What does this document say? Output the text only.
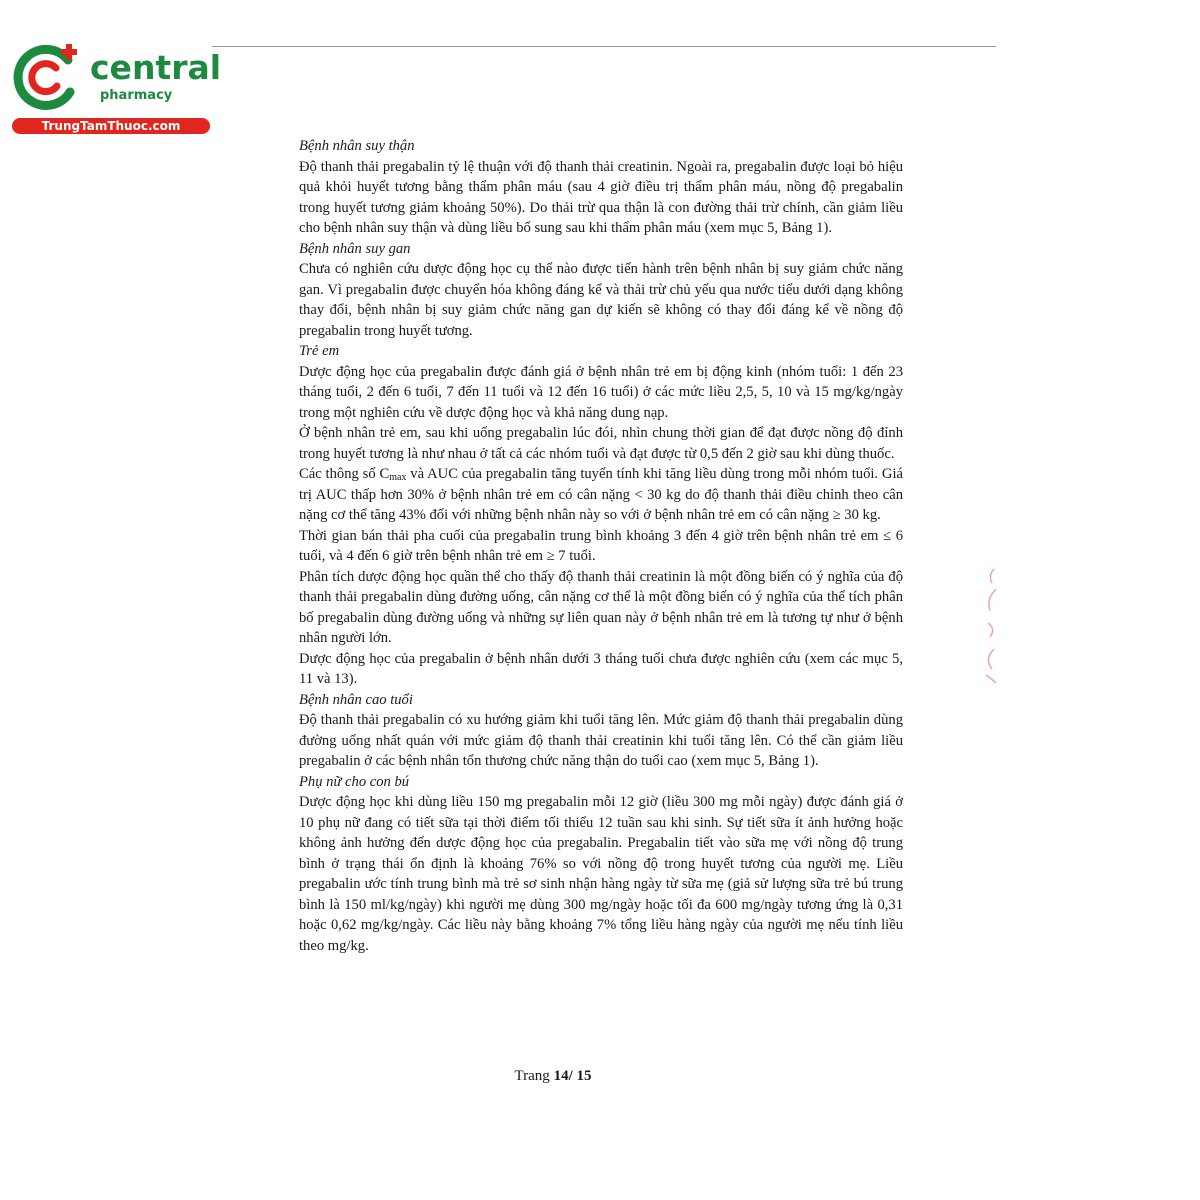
central
pharmacy
TrungTamThuoc.com

Bệnh nhân suy thận

Độ thanh thải pregabalin tỷ lệ thuận với độ thanh thải creatinin. Ngoài ra, pregabalin được loại bỏ hiệu quả khỏi huyết tương bằng thẩm phân máu (sau 4 giờ điều trị thẩm phân máu, nồng độ pregabalin trong huyết tương giảm khoảng 50%). Do thải trừ qua thận là con đường thải trừ chính, cần giảm liều cho bệnh nhân suy thận và dùng liều bổ sung sau khi thẩm phân máu (xem mục 5, Bảng 1).

Bệnh nhân suy gan

Chưa có nghiên cứu dược động học cụ thể nào được tiến hành trên bệnh nhân bị suy giảm chức năng gan. Vì pregabalin được chuyển hóa không đáng kể và thải trừ chủ yếu qua nước tiểu dưới dạng không thay đổi, bệnh nhân bị suy giảm chức năng gan dự kiến sẽ không có thay đổi đáng kể về nồng độ pregabalin trong huyết tương.

Trẻ em

Dược động học của pregabalin được đánh giá ở bệnh nhân trẻ em bị động kinh (nhóm tuổi: 1 đến 23 tháng tuổi, 2 đến 6 tuổi, 7 đến 11 tuổi và 12 đến 16 tuổi) ở các mức liều 2,5, 5, 10 và 15 mg/kg/ngày trong một nghiên cứu về dược động học và khả năng dung nạp.

Ở bệnh nhân trẻ em, sau khi uống pregabalin lúc đói, nhìn chung thời gian để đạt được nồng độ đỉnh trong huyết tương là như nhau ở tất cả các nhóm tuổi và đạt được từ 0,5 đến 2 giờ sau khi dùng thuốc.

Các thông số $C_{max}$ và AUC của pregabalin tăng tuyến tính khi tăng liều dùng trong mỗi nhóm tuổi. Giá trị AUC thấp hơn 30% ở bệnh nhân trẻ em có cân nặng < 30 kg do độ thanh thải điều chỉnh theo cân nặng cơ thể tăng 43% đối với những bệnh nhân này so với ở bệnh nhân trẻ em có cân nặng ≥ 30 kg.

Thời gian bán thải pha cuối của pregabalin trung bình khoảng 3 đến 4 giờ trên bệnh nhân trẻ em ≤ 6 tuổi, và 4 đến 6 giờ trên bệnh nhân trẻ em ≥ 7 tuổi.

Phân tích dược động học quần thể cho thấy độ thanh thải creatinin là một đồng biến có ý nghĩa của độ thanh thải pregabalin dùng đường uống, cân nặng cơ thể là một đồng biến có ý nghĩa của thể tích phân bố pregabalin dùng đường uống và những sự liên quan này ở bệnh nhân trẻ em là tương tự như ở bệnh nhân người lớn.

Dược động học của pregabalin ở bệnh nhân dưới 3 tháng tuổi chưa được nghiên cứu (xem các mục 5, 11 và 13).

Bệnh nhân cao tuổi

Độ thanh thải pregabalin có xu hướng giảm khi tuổi tăng lên. Mức giảm độ thanh thải pregabalin dùng đường uống nhất quán với mức giảm độ thanh thải creatinin khi tuổi tăng lên. Có thể cần giảm liều pregabalin ở các bệnh nhân tổn thương chức năng thận do tuổi cao (xem mục 5, Bảng 1).

Phụ nữ cho con bú

Dược động học khi dùng liều 150 mg pregabalin mỗi 12 giờ (liều 300 mg mỗi ngày) được đánh giá ở 10 phụ nữ đang có tiết sữa tại thời điểm tối thiểu 12 tuần sau khi sinh. Sự tiết sữa ít ảnh hưởng hoặc không ảnh hưởng đến dược động học của pregabalin. Pregabalin tiết vào sữa mẹ với nồng độ trung bình ở trạng thái ổn định là khoảng 76% so với nồng độ trong huyết tương của người mẹ. Liều pregabalin ước tính trung bình mà trẻ sơ sinh nhận hàng ngày từ sữa mẹ (giả sử lượng sữa trẻ bú trung bình là 150 ml/kg/ngày) khi người mẹ dùng 300 mg/ngày hoặc tối đa 600 mg/ngày tương ứng là 0,31 hoặc 0,62 mg/kg/ngày. Các liều này bằng khoảng 7% tổng liều hàng ngày của người mẹ nếu tính liều theo mg/kg.

Trang 14/ 15
